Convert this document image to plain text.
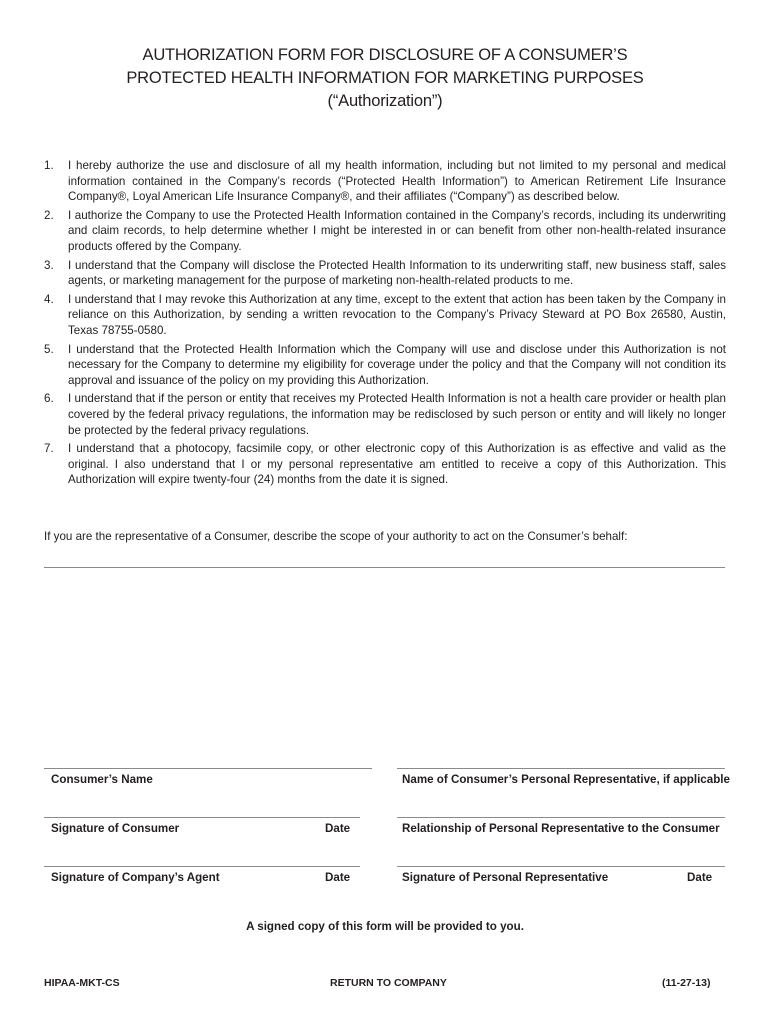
AUTHORIZATION FORM FOR DISCLOSURE OF A CONSUMER’S
PROTECTED HEALTH INFORMATION FOR MARKETING PURPOSES
(“Authorization”)
1. I hereby authorize the use and disclosure of all my health information, including but not limited to my personal and medical information contained in the Company’s records (“Protected Health Information”) to American Retirement Life Insurance Company®, Loyal American Life Insurance Company®, and their affiliates (“Company”) as described below.
2. I authorize the Company to use the Protected Health Information contained in the Company’s records, including its underwriting and claim records, to help determine whether I might be interested in or can benefit from other non-health-related insurance products offered by the Company.
3. I understand that the Company will disclose the Protected Health Information to its underwriting staff, new business staff, sales agents, or marketing management for the purpose of marketing non-health-related products to me.
4. I understand that I may revoke this Authorization at any time, except to the extent that action has been taken by the Company in reliance on this Authorization, by sending a written revocation to the Company’s Privacy Steward at PO Box 26580, Austin, Texas 78755-0580.
5. I understand that the Protected Health Information which the Company will use and disclose under this Authorization is not necessary for the Company to determine my eligibility for coverage under the policy and that the Company will not condition its approval and issuance of the policy on my providing this Authorization.
6. I understand that if the person or entity that receives my Protected Health Information is not a health care provider or health plan covered by the federal privacy regulations, the information may be redisclosed by such person or entity and will likely no longer be protected by the federal privacy regulations.
7. I understand that a photocopy, facsimile copy, or other electronic copy of this Authorization is as effective and valid as the original. I also understand that I or my personal representative am entitled to receive a copy of this Authorization. This Authorization will expire twenty-four (24) months from the date it is signed.
If you are the representative of a Consumer, describe the scope of your authority to act on the Consumer’s behalf:
Consumer’s Name	Name of Consumer’s Personal Representative, if applicable
Signature of Consumer	Date	Relationship of Personal Representative to the Consumer
Signature of Company’s Agent	Date	Signature of Personal Representative	Date
A signed copy of this form will be provided to you.
HIPAA-MKT-CS	RETURN TO COMPANY	(11-27-13)
